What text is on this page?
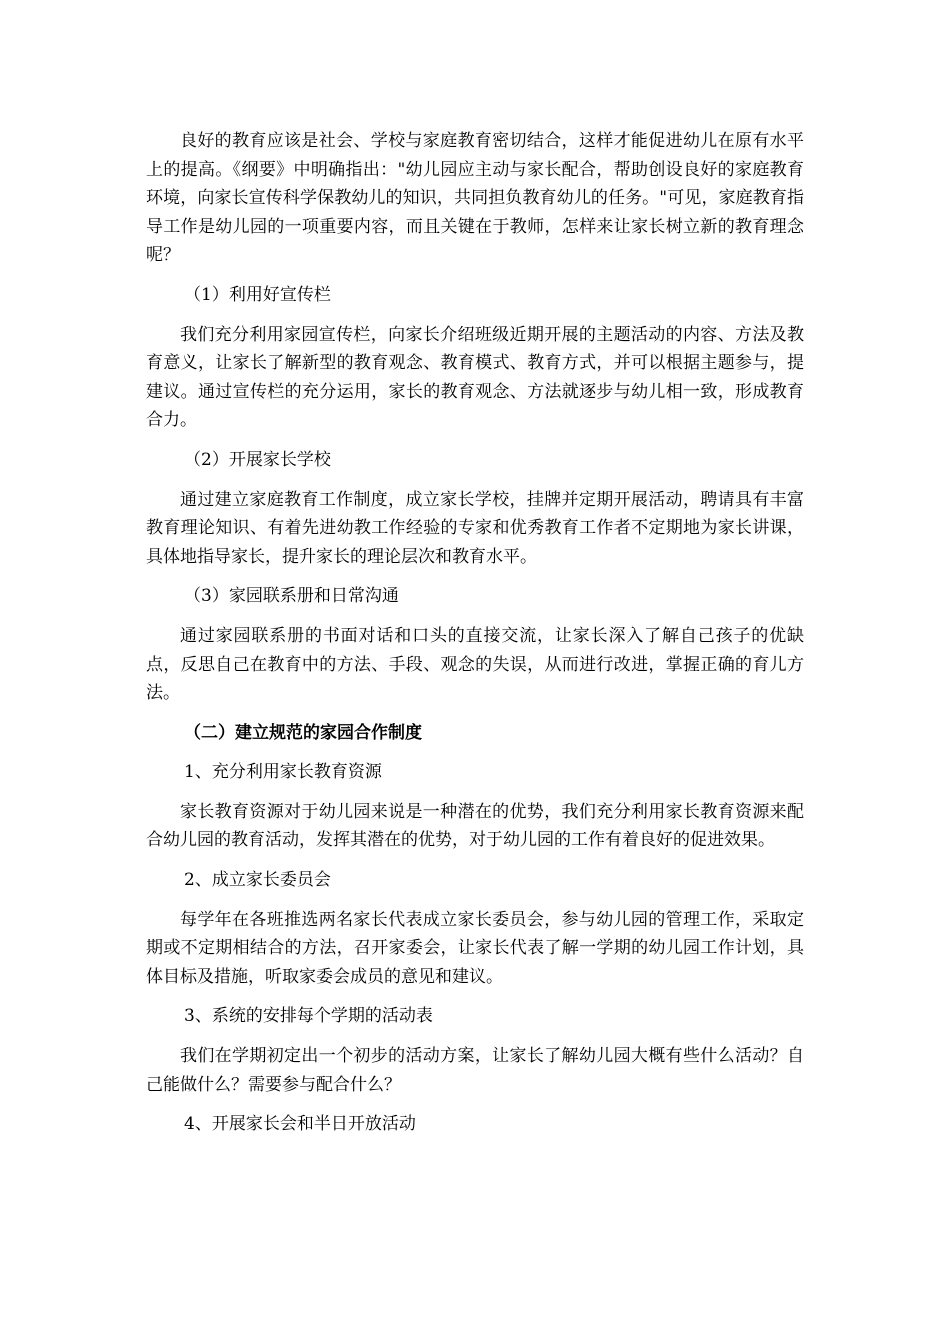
良好的教育应该是社会、学校与家庭教育密切结合，这样才能促进幼儿在原有水平上的提高。《纲要》中明确指出："幼儿园应主动与家长配合，帮助创设良好的家庭教育环境，向家长宣传科学保教幼儿的知识，共同担负教育幼儿的任务。"可见，家庭教育指导工作是幼儿园的一项重要内容，而且关键在于教师，怎样来让家长树立新的教育理念呢？

（1）利用好宣传栏

我们充分利用家园宣传栏，向家长介绍班级近期开展的主题活动的内容、方法及教育意义，让家长了解新型的教育观念、教育模式、教育方式，并可以根据主题参与，提建议。通过宣传栏的充分运用，家长的教育观念、方法就逐步与幼儿相一致，形成教育合力。

（2）开展家长学校

通过建立家庭教育工作制度，成立家长学校，挂牌并定期开展活动，聘请具有丰富教育理论知识、有着先进幼教工作经验的专家和优秀教育工作者不定期地为家长讲课，具体地指导家长，提升家长的理论层次和教育水平。

（3）家园联系册和日常沟通

通过家园联系册的书面对话和口头的直接交流，让家长深入了解自己孩子的优缺点，反思自己在教育中的方法、手段、观念的失误，从而进行改进，掌握正确的育儿方法。

（二）建立规范的家园合作制度

1、充分利用家长教育资源

家长教育资源对于幼儿园来说是一种潜在的优势，我们充分利用家长教育资源来配合幼儿园的教育活动，发挥其潜在的优势，对于幼儿园的工作有着良好的促进效果。

2、成立家长委员会

每学年在各班推选两名家长代表成立家长委员会，参与幼儿园的管理工作，采取定期或不定期相结合的方法，召开家委会，让家长代表了解一学期的幼儿园工作计划，具体目标及措施，听取家委会成员的意见和建议。

3、系统的安排每个学期的活动表

我们在学期初定出一个初步的活动方案，让家长了解幼儿园大概有些什么活动？自己能做什么？需要参与配合什么？

4、开展家长会和半日开放活动
